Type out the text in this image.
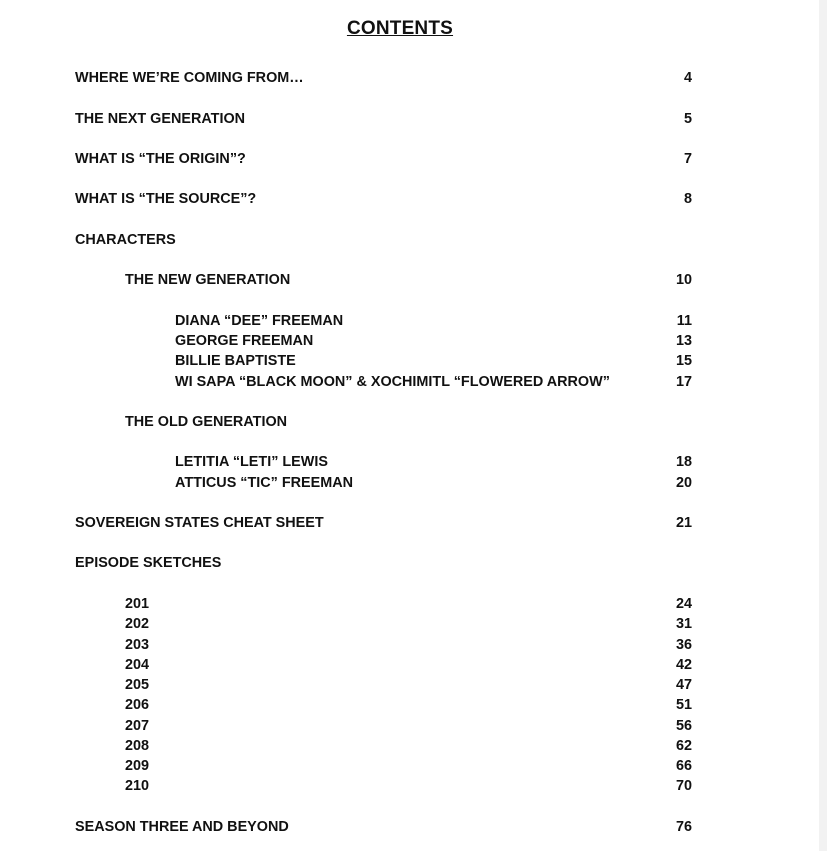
CONTENTS
WHERE WE’RE COMING FROM…	4
THE NEXT GENERATION	5
WHAT IS “THE ORIGIN”?	7
WHAT IS “THE SOURCE”?	8
CHARACTERS
THE NEW GENERATION	10
DIANA “DEE” FREEMAN	11
GEORGE FREEMAN	13
BILLIE BAPTISTE	15
WI SAPA “BLACK MOON” & XOCHIMITL “FLOWERED ARROW”	17
THE OLD GENERATION
LETITIA “LETI” LEWIS	18
ATTICUS “TIC” FREEMAN	20
SOVEREIGN STATES CHEAT SHEET	21
EPISODE SKETCHES
201	24
202	31
203	36
204	42
205	47
206	51
207	56
208	62
209	66
210	70
SEASON THREE AND BEYOND	76
